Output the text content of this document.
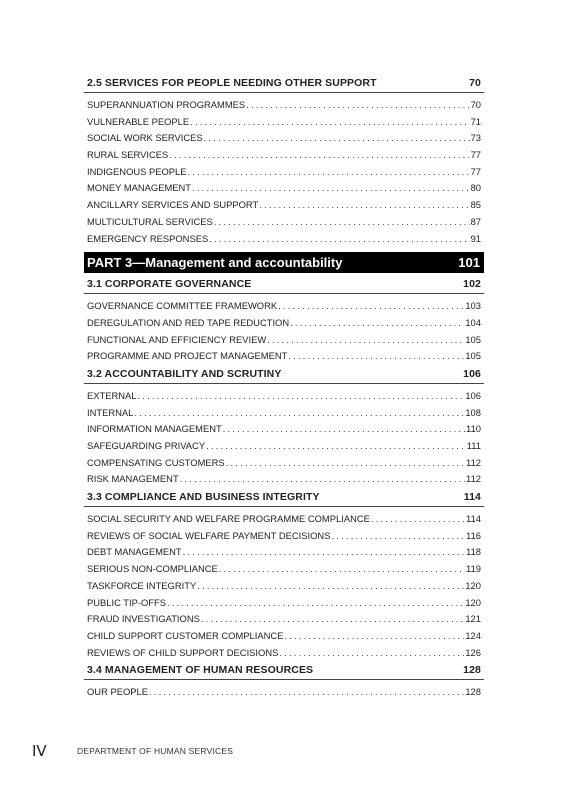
2.5 SERVICES FOR PEOPLE NEEDING OTHER SUPPORT	70
SUPERANNUATION PROGRAMMES . . .	70
VULNERABLE PEOPLE . . .	71
SOCIAL WORK SERVICES . . .	73
RURAL SERVICES . . .	77
INDIGENOUS PEOPLE . . .	77
MONEY MANAGEMENT . . .	80
ANCILLARY SERVICES AND SUPPORT . . .	85
MULTICULTURAL SERVICES . . .	87
EMERGENCY RESPONSES . . .	91
PART 3—Management and accountability	101
3.1 CORPORATE GOVERNANCE	102
GOVERNANCE COMMITTEE FRAMEWORK . . .	103
DEREGULATION AND RED TAPE REDUCTION . . .	104
FUNCTIONAL AND EFFICIENCY REVIEW . . .	105
PROGRAMME AND PROJECT MANAGEMENT . . .	105
3.2 ACCOUNTABILITY AND SCRUTINY	106
EXTERNAL . . .	106
INTERNAL . . .	108
INFORMATION MANAGEMENT . . .	110
SAFEGUARDING PRIVACY . . .	111
COMPENSATING CUSTOMERS . . .	112
RISK MANAGEMENT . . .	112
3.3 COMPLIANCE AND BUSINESS INTEGRITY	114
SOCIAL SECURITY AND WELFARE PROGRAMME COMPLIANCE . . .	114
REVIEWS OF SOCIAL WELFARE PAYMENT DECISIONS . . .	116
DEBT MANAGEMENT . . .	118
SERIOUS NON-COMPLIANCE . . .	119
TASKFORCE INTEGRITY . . .	120
PUBLIC TIP-OFFS . . .	120
FRAUD INVESTIGATIONS . . .	121
CHILD SUPPORT CUSTOMER COMPLIANCE . . .	124
REVIEWS OF CHILD SUPPORT DECISIONS . . .	126
3.4 MANAGEMENT OF HUMAN RESOURCES	128
OUR PEOPLE . . .	128
IV	DEPARTMENT OF HUMAN SERVICES
